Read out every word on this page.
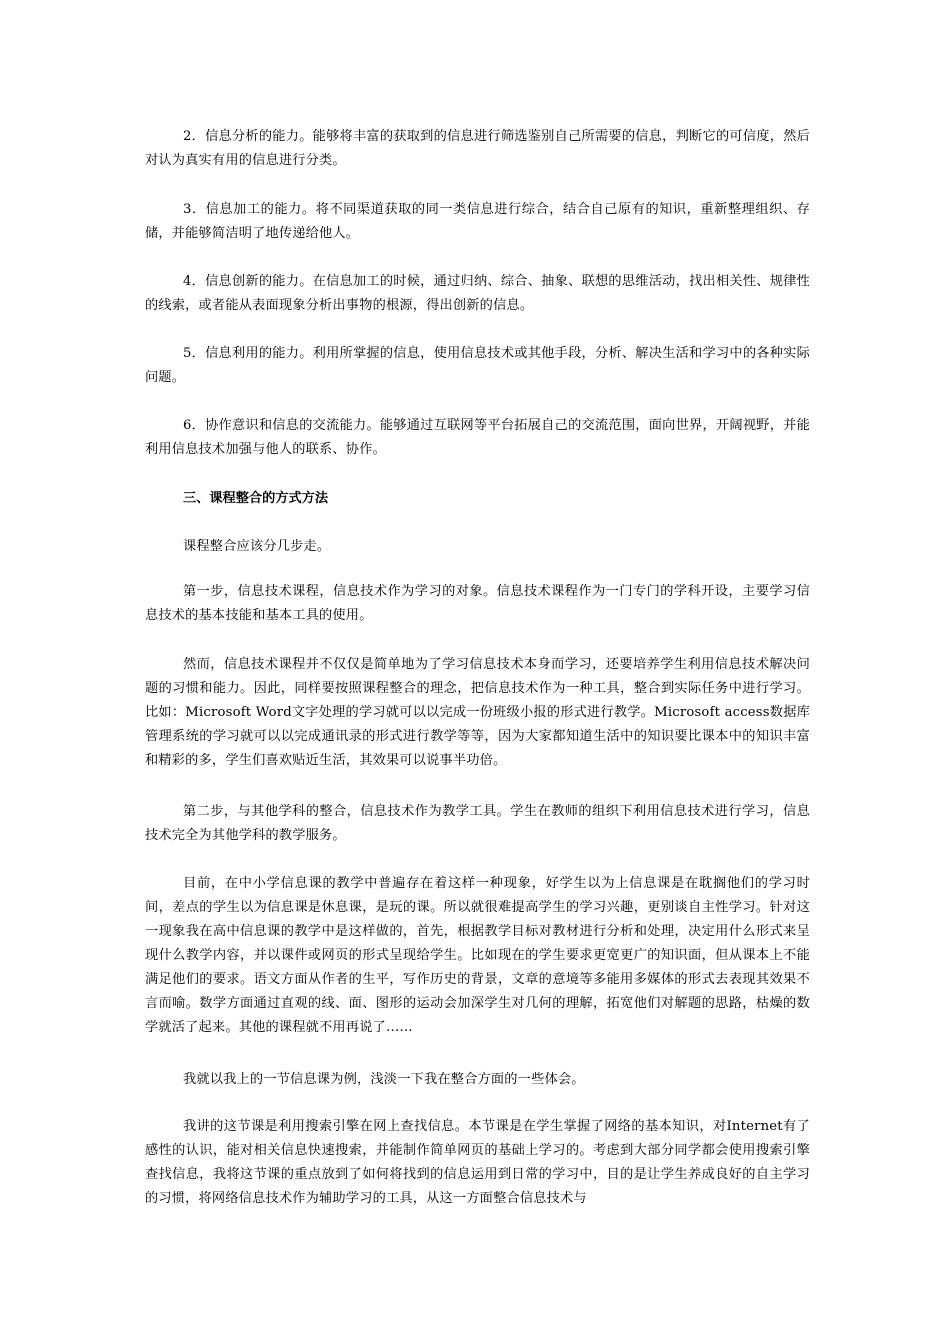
2．信息分析的能力。能够将丰富的获取到的信息进行筛选鉴别自己所需要的信息，判断它的可信度，然后对认为真实有用的信息进行分类。

3．信息加工的能力。将不同渠道获取的同一类信息进行综合，结合自己原有的知识，重新整理组织、存储，并能够简洁明了地传递给他人。

4．信息创新的能力。在信息加工的时候，通过归纳、综合、抽象、联想的思维活动，找出相关性、规律性的线索，或者能从表面现象分析出事物的根源，得出创新的信息。

5．信息利用的能力。利用所掌握的信息，使用信息技术或其他手段，分析、解决生活和学习中的各种实际问题。

6．协作意识和信息的交流能力。能够通过互联网等平台拓展自己的交流范围，面向世界，开阔视野，并能利用信息技术加强与他人的联系、协作。

三、课程整合的方式方法

课程整合应该分几步走。

第一步，信息技术课程，信息技术作为学习的对象。信息技术课程作为一门专门的学科开设，主要学习信息技术的基本技能和基本工具的使用。

然而，信息技术课程并不仅仅是简单地为了学习信息技术本身而学习，还要培养学生利用信息技术解决问题的习惯和能力。因此，同样要按照课程整合的理念，把信息技术作为一种工具，整合到实际任务中进行学习。比如：Microsoft Word文字处理的学习就可以以完成一份班级小报的形式进行教学。Microsoft access数据库管理系统的学习就可以以完成通讯录的形式进行教学等等，因为大家都知道生活中的知识要比课本中的知识丰富和精彩的多，学生们喜欢贴近生活，其效果可以说事半功倍。

第二步，与其他学科的整合，信息技术作为教学工具。学生在教师的组织下利用信息技术进行学习，信息技术完全为其他学科的教学服务。

目前，在中小学信息课的教学中普遍存在着这样一种现象，好学生以为上信息课是在耽搁他们的学习时间，差点的学生以为信息课是休息课，是玩的课。所以就很难提高学生的学习兴趣，更别谈自主性学习。针对这一现象我在高中信息课的教学中是这样做的，首先，根据教学目标对教材进行分析和处理，决定用什么形式来呈现什么教学内容，并以课件或网页的形式呈现给学生。比如现在的学生要求更宽更广的知识面，但从课本上不能满足他们的要求。语文方面从作者的生平，写作历史的背景，文章的意境等多能用多媒体的形式去表现其效果不言而喻。数学方面通过直观的线、面、图形的运动会加深学生对几何的理解，拓宽他们对解题的思路，枯燥的数学就活了起来。其他的课程就不用再说了……

我就以我上的一节信息课为例，浅淡一下我在整合方面的一些体会。

我讲的这节课是利用搜索引擎在网上查找信息。本节课是在学生掌握了网络的基本知识，对Internet有了感性的认识，能对相关信息快速搜索，并能制作简单网页的基础上学习的。考虑到大部分同学都会使用搜索引擎查找信息，我将这节课的重点放到了如何将找到的信息运用到日常的学习中，目的是让学生养成良好的自主学习的习惯，将网络信息技术作为辅助学习的工具，从这一方面整合信息技术与
